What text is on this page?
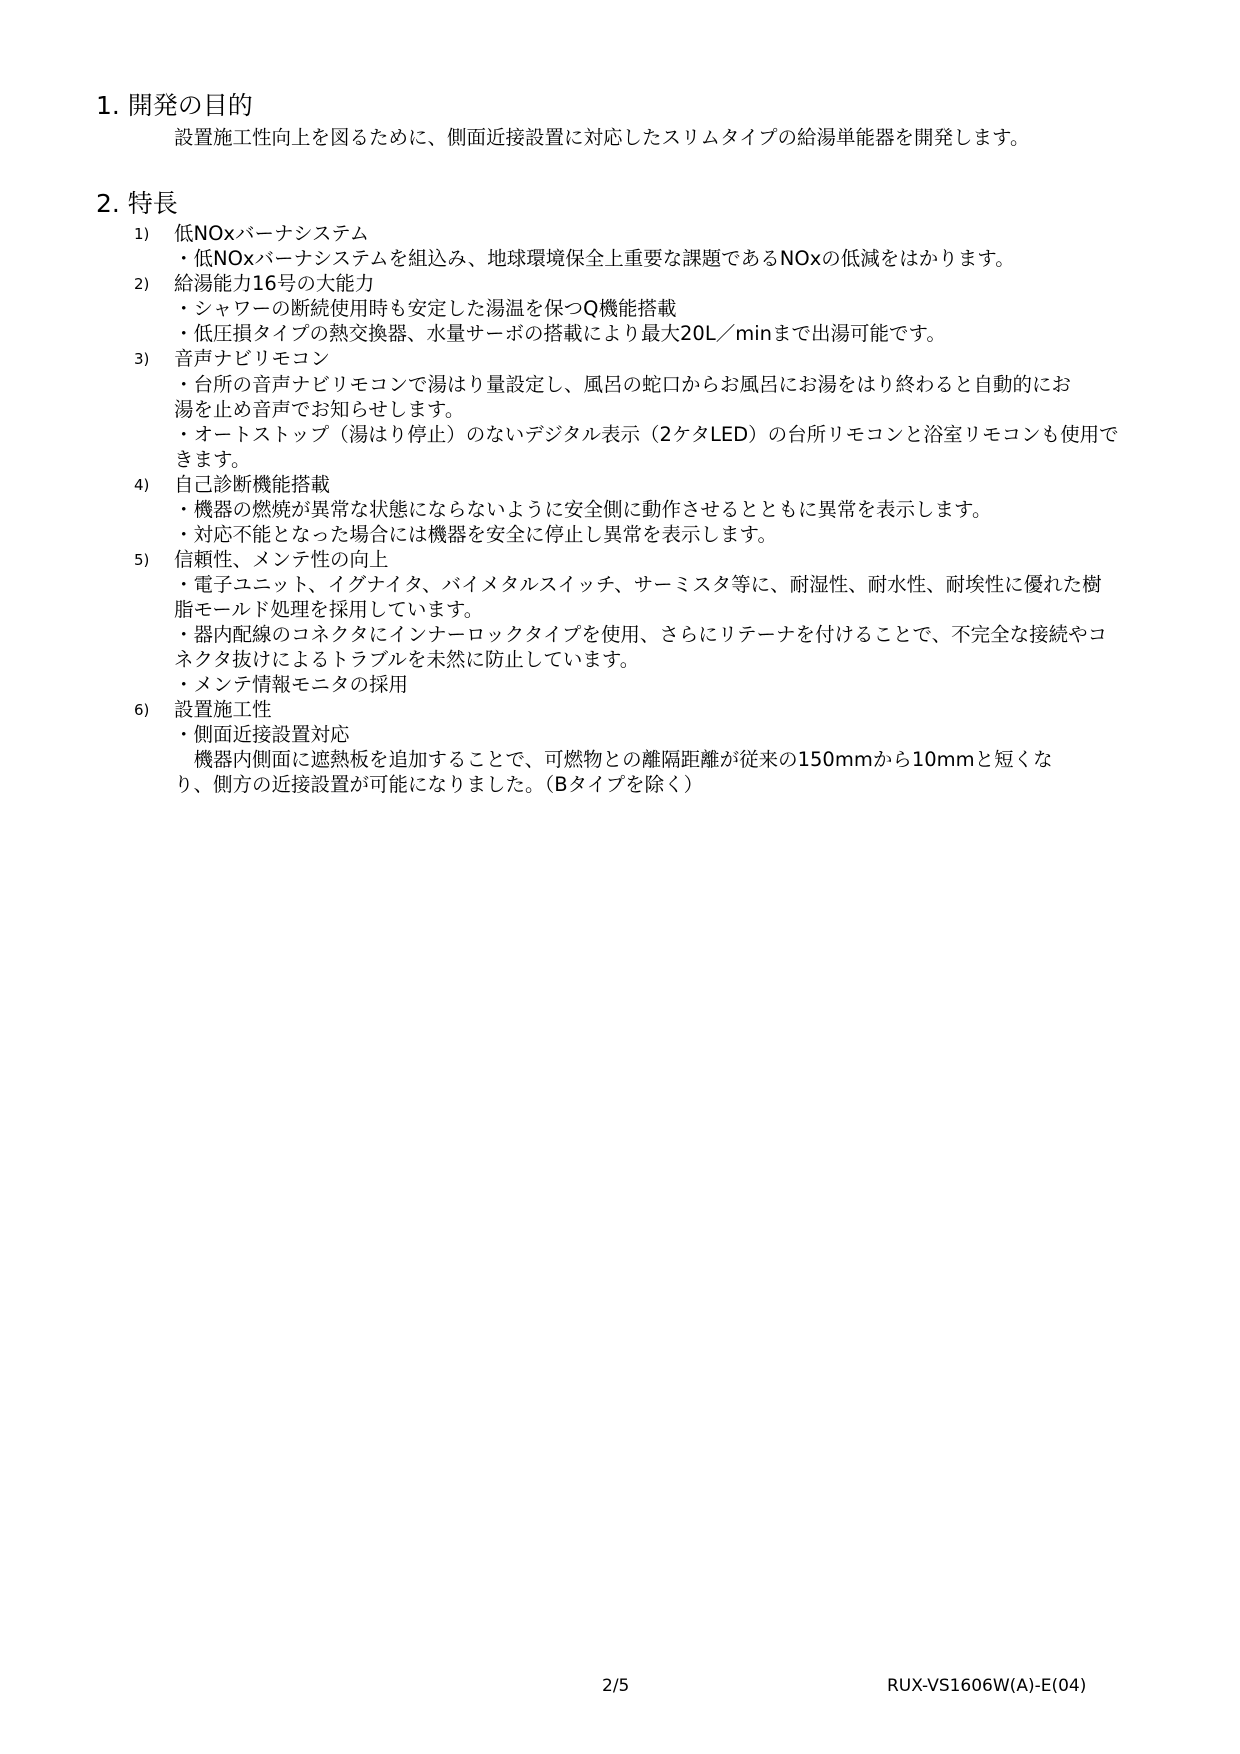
1. 開発の目的
設置施工性向上を図るために、側面近接設置に対応したスリムタイプの給湯単能器を開発します。
2. 特長
1) 低NOxバーナシステム
・低NOxバーナシステムを組込み、地球環境保全上重要な課題であるNOxの低減をはかります。
2) 給湯能力16号の大能力
・シャワーの断続使用時も安定した湯温を保つQ機能搭載
・低圧損タイプの熱交換器、水量サーボの搭載により最大20L／minまで出湯可能です。
3) 音声ナビリモコン
・台所の音声ナビリモコンで湯はり量設定し、風呂の蛇口からお風呂にお湯をはり終わると自動的にお
湯を止め音声でお知らせします。
・オートストップ（湯はり停止）のないデジタル表示（2ケタLED）の台所リモコンと浴室リモコンも使用で
きます。
4) 自己診断機能搭載
・機器の燃焼が異常な状態にならないように安全側に動作させるとともに異常を表示します。
・対応不能となった場合には機器を安全に停止し異常を表示します。
5) 信頼性、メンテ性の向上
・電子ユニット、イグナイタ、バイメタルスイッチ、サーミスタ等に、耐湿性、耐水性、耐埃性に優れた樹
脂モールド処理を採用しています。
・器内配線のコネクタにインナーロックタイプを使用、さらにリテーナを付けることで、不完全な接続やコ
ネクタ抜けによるトラブルを未然に防止しています。
・メンテ情報モニタの採用
6) 設置施工性
・側面近接設置対応
　機器内側面に遮熱板を追加することで、可燃物との離隔距離が従来の150mmから10mmと短くな
り、側方の近接設置が可能になりました。（Bタイプを除く）
2/5	RUX-VS1606W(A)-E(04)
